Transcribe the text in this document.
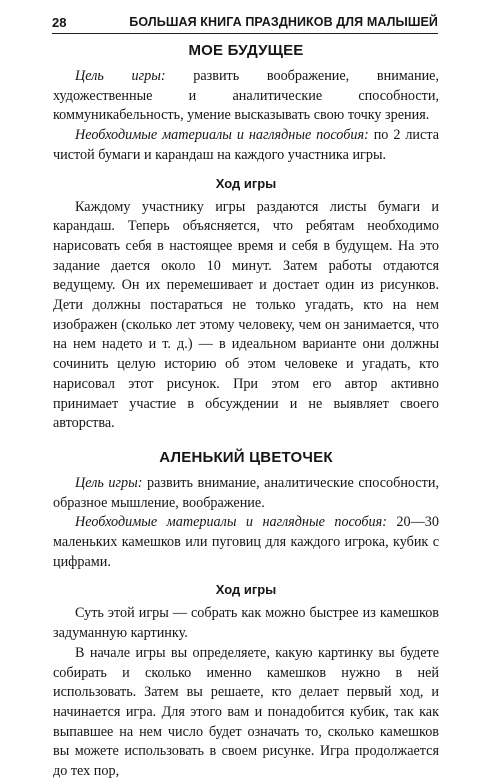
28	БОЛЬШАЯ КНИГА ПРАЗДНИКОВ ДЛЯ МАЛЫШЕЙ
МОЕ БУДУЩЕЕ

Цель игры: развить воображение, внимание, художественные и аналитические способности, коммуникабельность, умение высказывать свою точку зрения.

Необходимые материалы и наглядные пособия: по 2 листа чистой бумаги и карандаш на каждого участника игры.

Ход игры

Каждому участнику игры раздаются листы бумаги и карандаш. Теперь объясняется, что ребятам необходимо нарисовать себя в настоящее время и себя в будущем. На это задание дается около 10 минут. Затем работы отдаются ведущему. Он их перемешивает и достает один из рисунков. Дети должны постараться не только угадать, кто на нем изображен (сколько лет этому человеку, чем он занимается, что на нем надето и т. д.) — в идеальном варианте они должны сочинить целую историю об этом человеке и угадать, кто нарисовал этот рисунок. При этом его автор активно принимает участие в обсуждении и не выявляет своего авторства.

АЛЕНЬКИЙ ЦВЕТОЧЕК

Цель игры: развить внимание, аналитические способности, образное мышление, воображение.

Необходимые материалы и наглядные пособия: 20—30 маленьких камешков или пуговиц для каждого игрока, кубик с цифрами.

Ход игры

Суть этой игры — собрать как можно быстрее из камешков задуманную картинку.

В начале игры вы определяете, какую картинку вы будете собирать и сколько именно камешков нужно в ней использовать. Затем вы решаете, кто делает первый ход, и начинается игра. Для этого вам и понадобится кубик, так как выпавшее на нем число будет означать то, сколько камешков вы можете использовать в своем рисунке. Игра продолжается до тех пор,
